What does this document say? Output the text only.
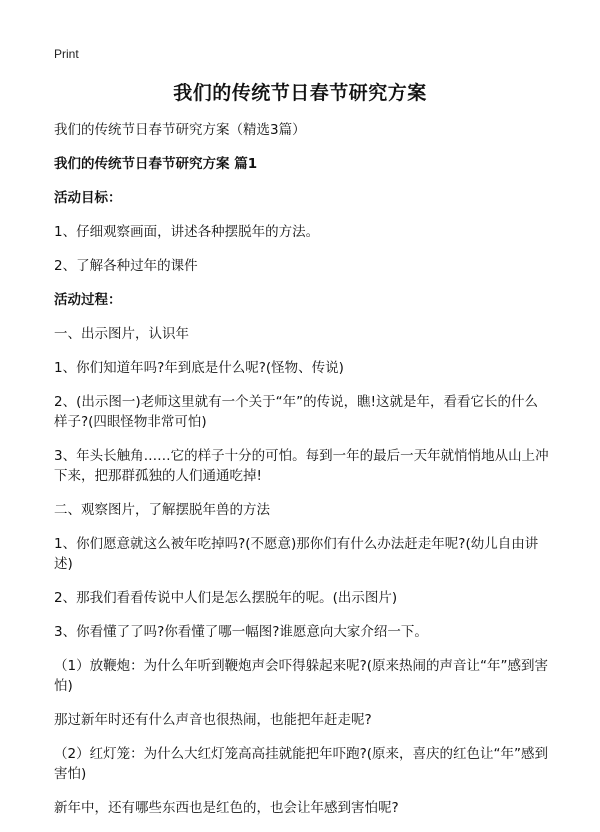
Print
我们的传统节日春节研究方案

我们的传统节日春节研究方案（精选3篇）

我们的传统节日春节研究方案 篇1

活动目标：

1、仔细观察画面，讲述各种摆脱年的方法。

2、了解各种过年的课件

活动过程：

一、出示图片，认识年

1、你们知道年吗?年到底是什么呢?(怪物、传说)

2、(出示图一)老师这里就有一个关于“年”的传说，瞧!这就是年，看看它长的什么样子?(四眼怪物非常可怕)

3、年头长触角……它的样子十分的可怕。每到一年的最后一天年就悄悄地从山上冲下来，把那群孤独的人们通通吃掉!

二、观察图片，了解摆脱年兽的方法

1、你们愿意就这么被年吃掉吗?(不愿意)那你们有什么办法赶走年呢?(幼儿自由讲述)

2、那我们看看传说中人们是怎么摆脱年的呢。(出示图片)

3、你看懂了了吗?你看懂了哪一幅图?谁愿意向大家介绍一下。

（1）放鞭炮：为什么年听到鞭炮声会吓得躲起来呢?(原来热闹的声音让“年”感到害怕)

那过新年时还有什么声音也很热闹，也能把年赶走呢?

（2）红灯笼：为什么大红灯笼高高挂就能把年吓跑?(原来，喜庆的红色让“年”感到害怕)

新年中，还有哪些东西也是红色的，也会让年感到害怕呢?
